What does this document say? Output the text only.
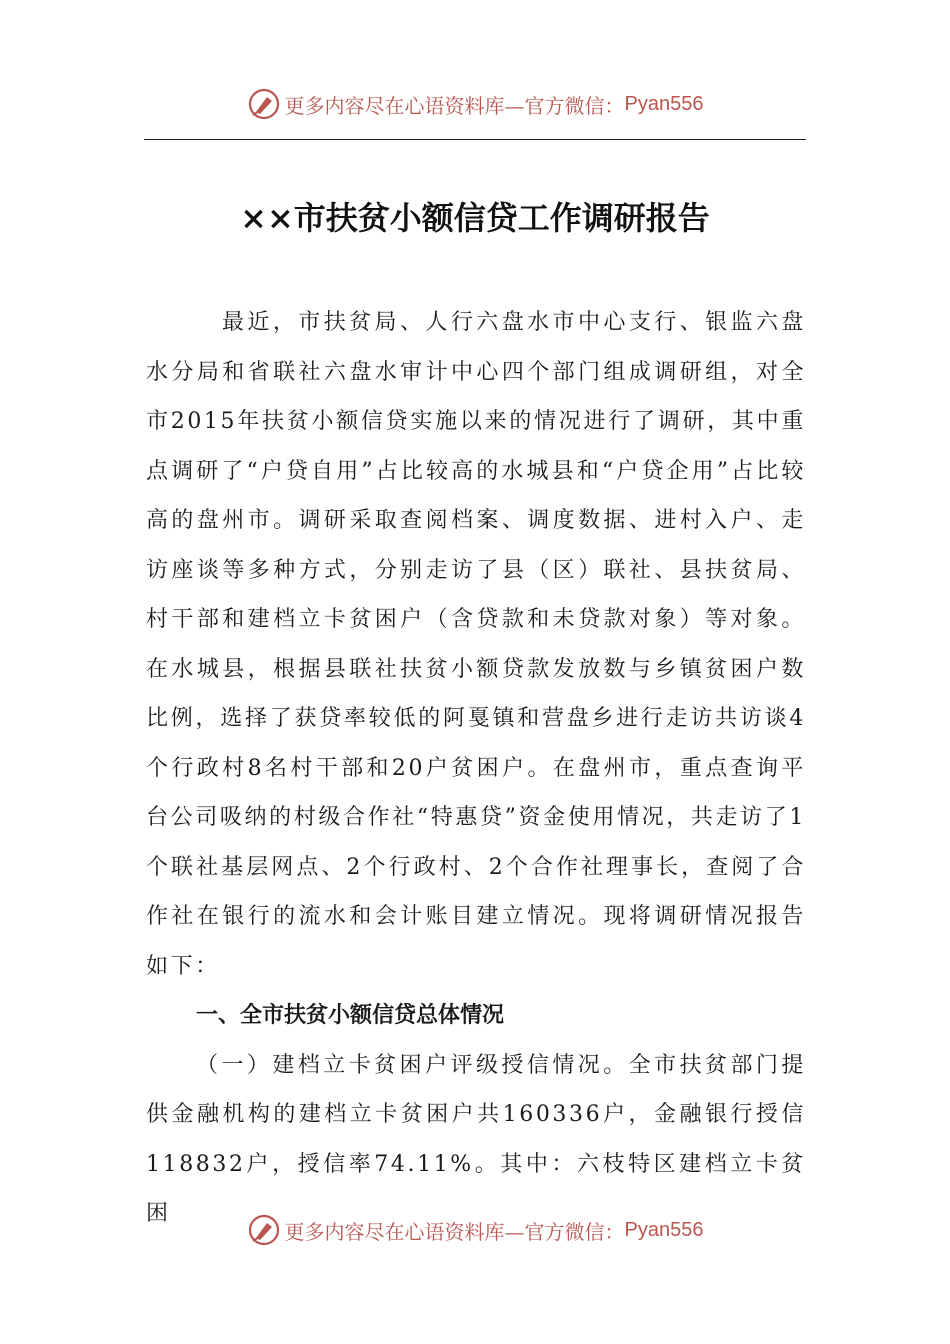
更多内容尽在心语资料库—官方微信： Pyan556
××市扶贫小额信贷工作调研报告

最近，市扶贫局、人行六盘水市中心支行、银监六盘水分局和省联社六盘水审计中心四个部门组成调研组，对全市2015年扶贫小额信贷实施以来的情况进行了调研，其中重点调研了“户贷自用”占比较高的水城县和“户贷企用”占比较高的盘州市。调研采取查阅档案、调度数据、进村入户、走访座谈等多种方式，分别走访了县（区）联社、县扶贫局、村干部和建档立卡贫困户（含贷款和未贷款对象）等对象。在水城县，根据县联社扶贫小额贷款发放数与乡镇贫困户数比例，选择了获贷率较低的阿戛镇和营盘乡进行走访共访谈4个行政村8名村干部和20户贫困户。在盘州市，重点查询平台公司吸纳的村级合作社“特惠贷”资金使用情况，共走访了1个联社基层网点、2个行政村、2个合作社理事长，查阅了合作社在银行的流水和会计账目建立情况。现将调研情况报告如下：

一、全市扶贫小额信贷总体情况

（一）建档立卡贫困户评级授信情况。全市扶贫部门提供金融机构的建档立卡贫困户共160336户，金融银行授信118832户，授信率74.11%。其中：六枝特区建档立卡贫困

更多内容尽在心语资料库—官方微信： Pyan556
